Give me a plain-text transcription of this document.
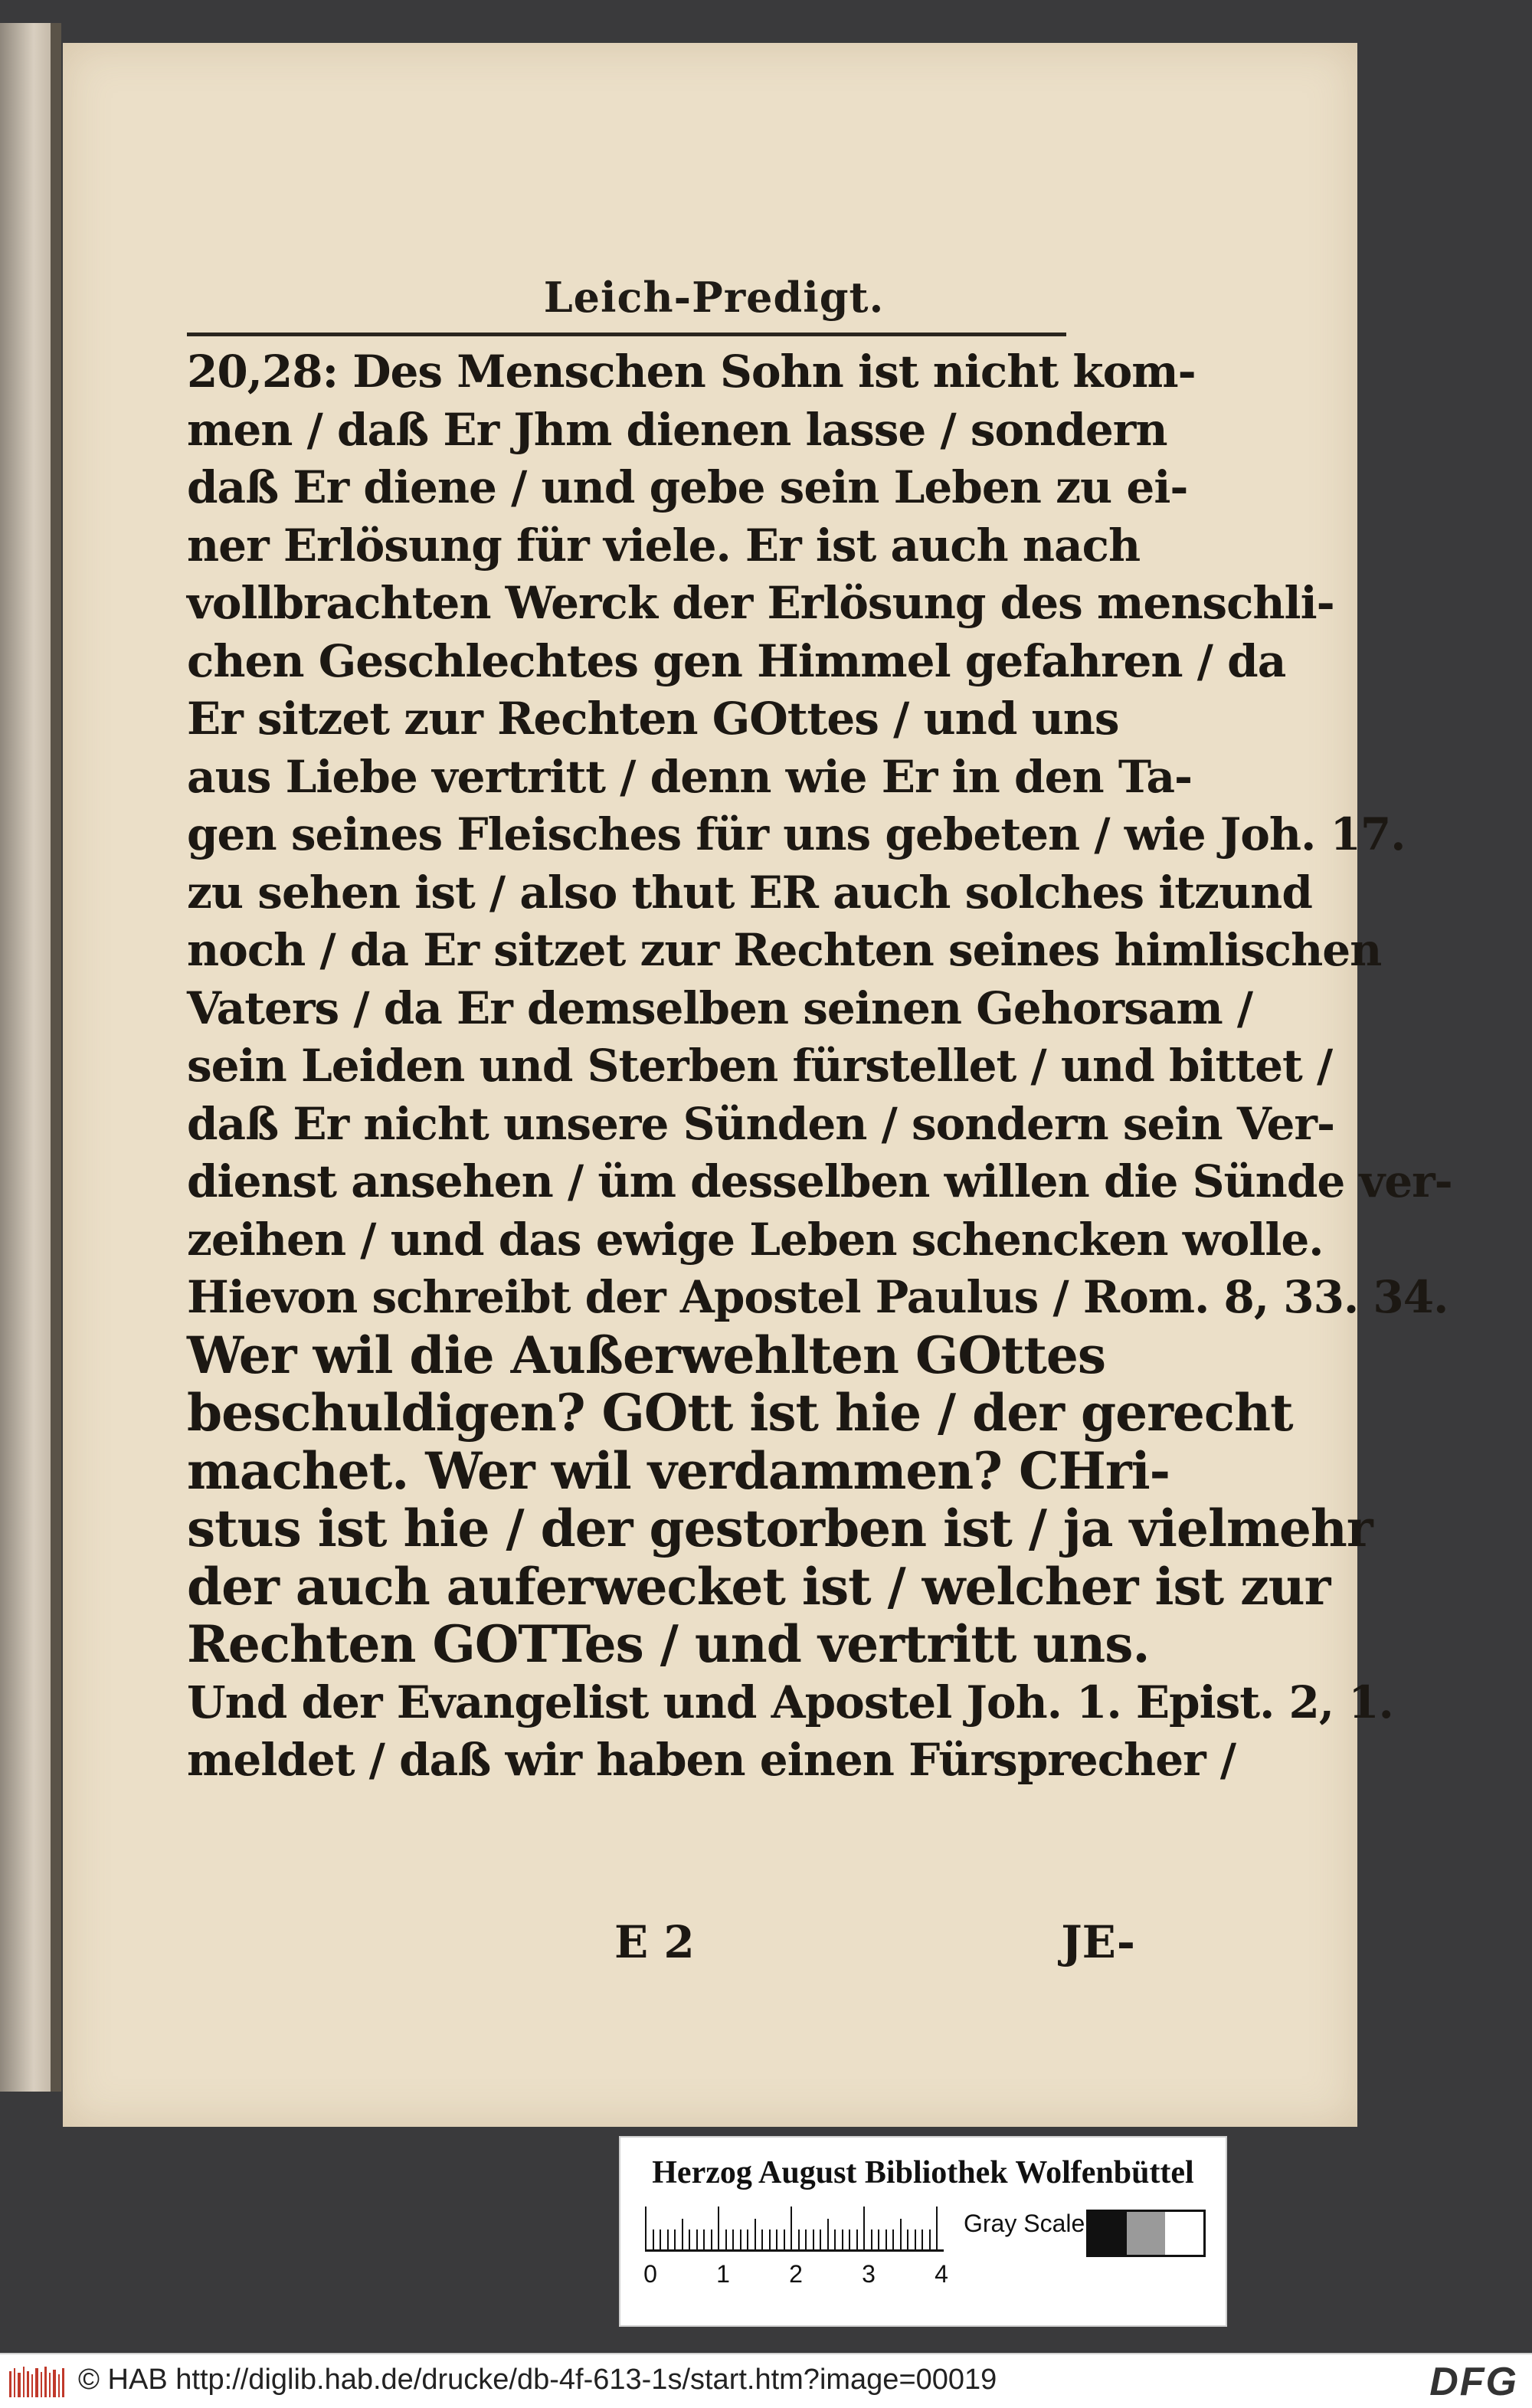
Leich-Predigt.
20,28: Des Menschen Sohn ist nicht kom-
men / daß Er Jhm dienen lasse / sondern
daß Er diene / und gebe sein Leben zu ei-
ner Erlösung für viele. Er ist auch nach
vollbrachten Werck der Erlösung des menschli-
chen Geschlechtes gen Himmel gefahren / da
Er sitzet zur Rechten GOttes / und uns
aus Liebe vertritt / denn wie Er in den Ta-
gen seines Fleisches für uns gebeten / wie Joh. 17.
zu sehen ist / also thut ER auch solches itzund
noch / da Er sitzet zur Rechten seines himlischen
Vaters / da Er demselben seinen Gehorsam /
sein Leiden und Sterben fürstellet / und bittet /
daß Er nicht unsere Sünden / sondern sein Ver-
dienst ansehen / üm desselben willen die Sünde ver-
zeihen / und das ewige Leben schencken wolle.
Hievon schreibt der Apostel Paulus / Rom. 8, 33. 34.
Wer wil die Außerwehlten GOttes
beschuldigen? GOtt ist hie / der gerecht
machet. Wer wil verdammen? CHri-
stus ist hie / der gestorben ist / ja vielmehr
der auch auferwecket ist / welcher ist zur
Rechten GOTTes / und vertritt uns.
Und der Evangelist und Apostel Joh. 1. Epist. 2, 1.
meldet / daß wir haben einen Fürsprecher /
E 2	JE-
Herzog August Bibliothek Wolfenbüttel
0 1 2 3 4
Gray Scale
© HAB http://diglib.hab.de/drucke/db-4f-613-1s/start.htm?image=00019	DFG
